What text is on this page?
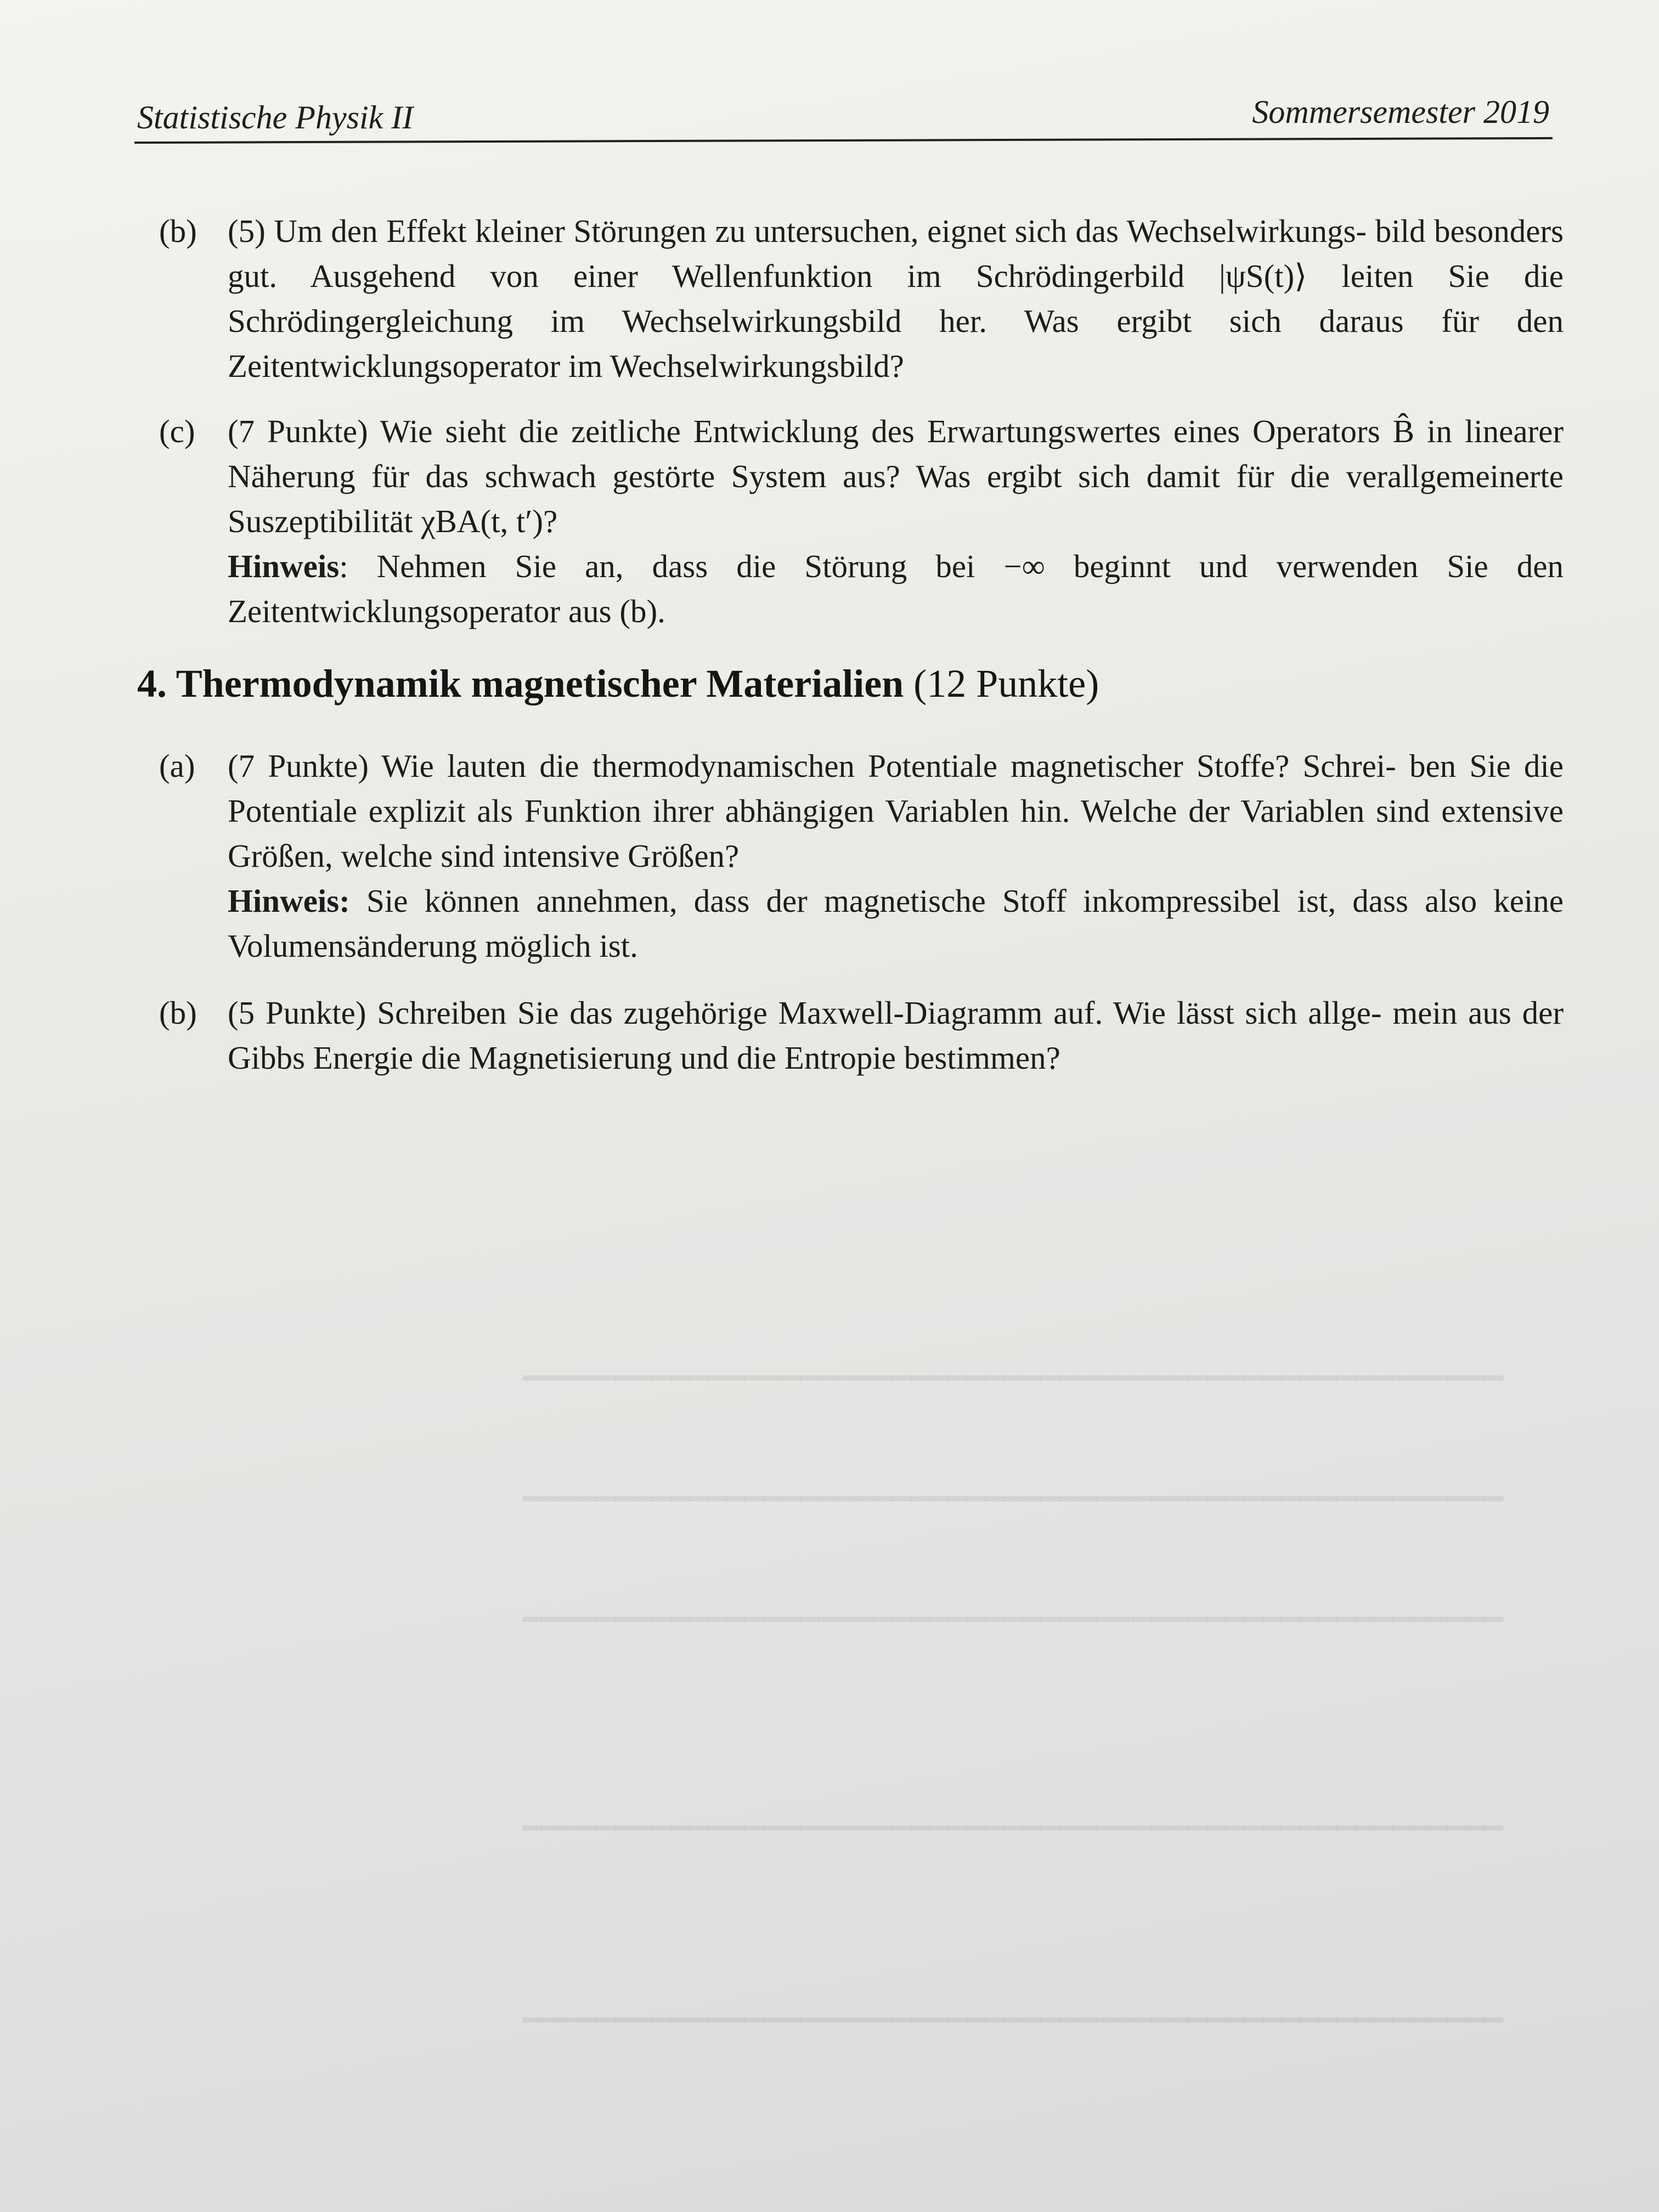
Statistische Physik II	Sommersemester 2019
(b) (5) Um den Effekt kleiner Störungen zu untersuchen, eignet sich das Wechselwirkungs- bild besonders gut. Ausgehend von einer Wellenfunktion im Schrödingerbild |ψS(t)⟩ leiten Sie die Schrödingergleichung im Wechselwirkungsbild her. Was ergibt sich daraus für den Zeitentwicklungsoperator im Wechselwirkungsbild?
(c)	(7 Punkte) Wie sieht die zeitliche Entwicklung des Erwartungswertes eines Operators B̂ in linearer Näherung für das schwach gestörte System aus? Was ergibt sich damit für die verallgemeinerte Suszeptibilität χBA(t, t′)?
Hinweis: Nehmen Sie an, dass die Störung bei −∞ beginnt und verwenden Sie den Zeitentwicklungsoperator aus (b).
4. Thermodynamik magnetischer Materialien (12 Punkte)
(a)	(7 Punkte) Wie lauten die thermodynamischen Potentiale magnetischer Stoffe? Schrei- ben Sie die Potentiale explizit als Funktion ihrer abhängigen Variablen hin. Welche der Variablen sind extensive Größen, welche sind intensive Größen?
Hinweis: Sie können annehmen, dass der magnetische Stoff inkompressibel ist, dass also keine Volumensänderung möglich ist.
(b) (5 Punkte) Schreiben Sie das zugehörige Maxwell-Diagramm auf. Wie lässt sich allge- mein aus der Gibbs Energie die Magnetisierung und die Entropie bestimmen?
━━━━━━━━━━━━━━━━━━━━━━━━━━━━━━━━━━━━━━━━━━━━━━━━━━━━━
━━━━━━━━━━━━━━━━━━━━━━━━━━━━━━━━━━━━━━━━━━━━━━━━━━━━━
━━━━━━━━━━━━━━━━━━━━━━━━━━━━━━━━━━━━━━━━━━━━━━━━━━━━━
━━━━━━━━━━━━━━━━━━━━━━━━━━━━━━━━━━━━━━━━━━━━━━━━━━━━━
━━━━━━━━━━━━━━━━━━━━━━━━━━━━━━━━━━━━━━━━━━━━━━━━━━━━━
